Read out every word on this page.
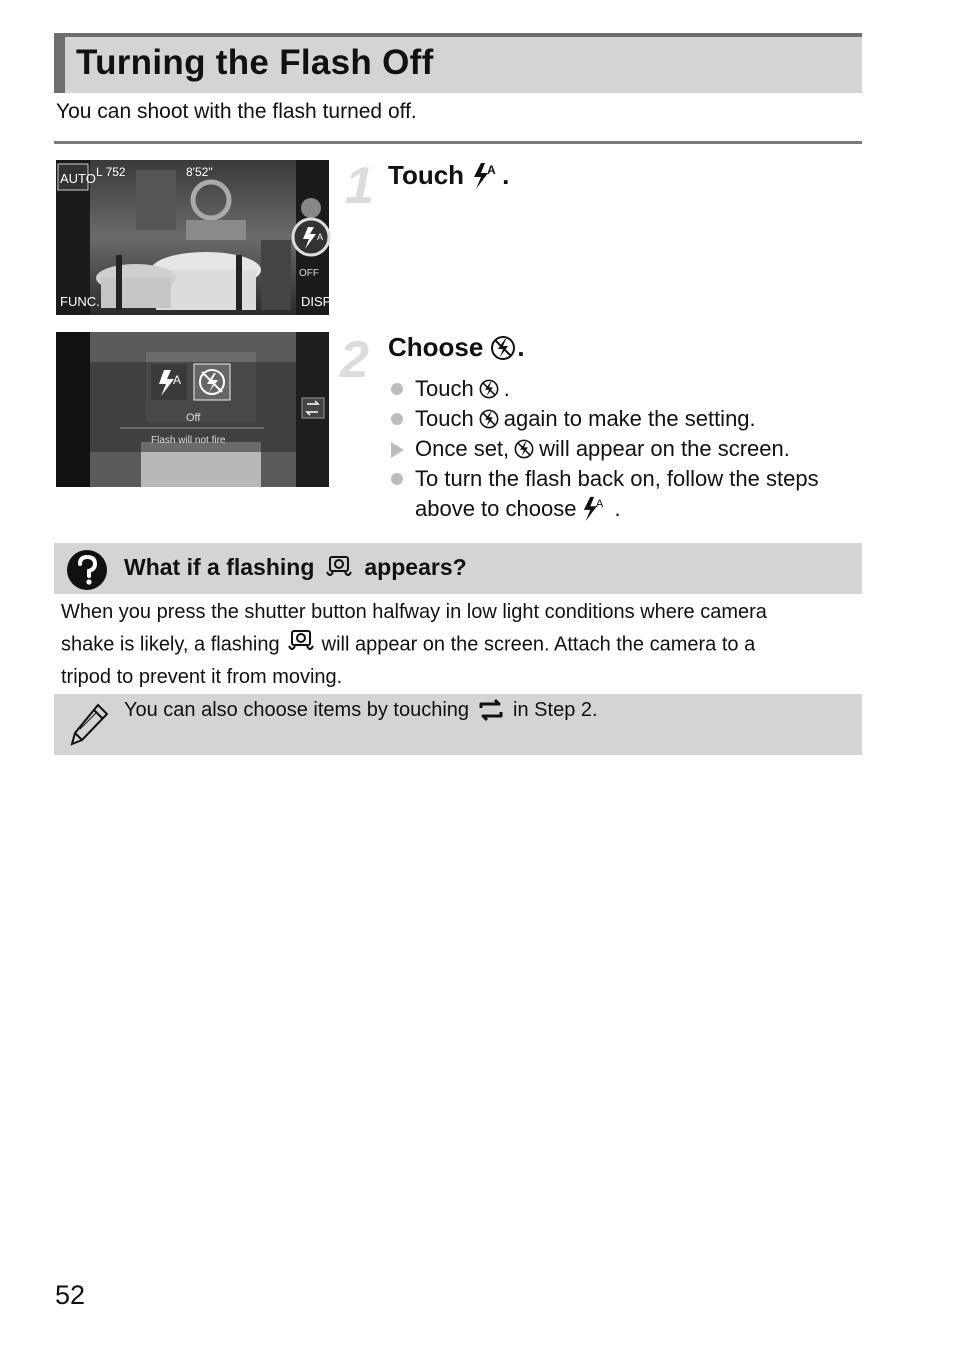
Turning the Flash Off
You can shoot with the flash turned off.
A
OFF
AUTO L 752	8'52"
FUNC.	DISP.
A
Off
Flash will not fire
1 Touch A .
2 Choose .
Touch .
Touch again to make the setting.
Once set, will appear on the screen.
To turn the flash back on, follow the steps
above to choose A .
What if a flashing appears?
When you press the shutter button halfway in low light conditions where camera
shake is likely, a flashing will appear on the screen. Attach the camera to a
tripod to prevent it from moving.
You can also choose items by touching in Step 2.
52
